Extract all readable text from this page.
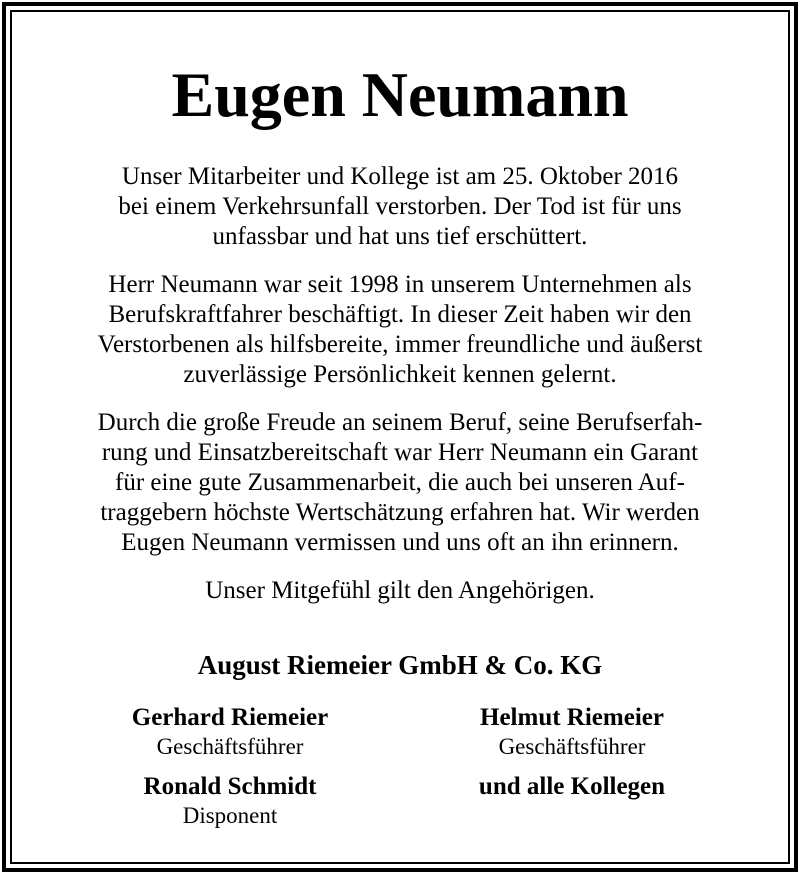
Eugen Neumann

Unser Mitarbeiter und Kollege ist am 25. Oktober 2016
bei einem Verkehrsunfall verstorben. Der Tod ist für uns
unfassbar und hat uns tief erschüttert.

Herr Neumann war seit 1998 in unserem Unternehmen als
Berufskraftfahrer beschäftigt. In dieser Zeit haben wir den
Verstorbenen als hilfsbereite, immer freundliche und äußerst
zuverlässige Persönlichkeit kennen gelernt.

Durch die große Freude an seinem Beruf, seine Berufserfah-
rung und Einsatzbereitschaft war Herr Neumann ein Garant
für eine gute Zusammenarbeit, die auch bei unseren Auf-
traggebern höchste Wertschätzung erfahren hat. Wir werden
Eugen Neumann vermissen und uns oft an ihn erinnern.

Unser Mitgefühl gilt den Angehörigen.

August Riemeier GmbH & Co. KG

Gerhard Riemeier
Geschäftsführer
Helmut Riemeier
Geschäftsführer
Ronald Schmidt
Disponent
und alle Kollegen
